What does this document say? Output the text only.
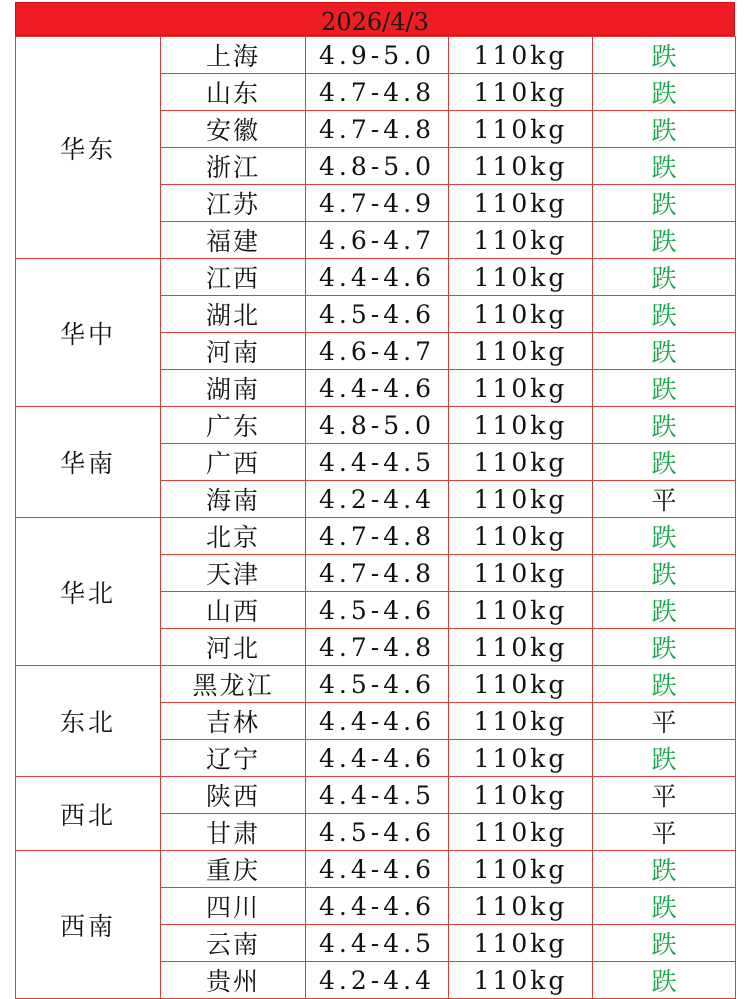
2026/4/3
华东	上海	4.9-5.0	110kg	跌
	山东	4.7-4.8	110kg	跌
	安徽	4.7-4.8	110kg	跌
	浙江	4.8-5.0	110kg	跌
	江苏	4.7-4.9	110kg	跌
	福建	4.6-4.7	110kg	跌
华中	江西	4.4-4.6	110kg	跌
	湖北	4.5-4.6	110kg	跌
	河南	4.6-4.7	110kg	跌
	湖南	4.4-4.6	110kg	跌
华南	广东	4.8-5.0	110kg	跌
	广西	4.4-4.5	110kg	跌
	海南	4.2-4.4	110kg	平
华北	北京	4.7-4.8	110kg	跌
	天津	4.7-4.8	110kg	跌
	山西	4.5-4.6	110kg	跌
	河北	4.7-4.8	110kg	跌
东北	黑龙江	4.5-4.6	110kg	跌
	吉林	4.4-4.6	110kg	平
	辽宁	4.4-4.6	110kg	跌
西北	陕西	4.4-4.5	110kg	平
	甘肃	4.5-4.6	110kg	平
西南	重庆	4.4-4.6	110kg	跌
	四川	4.4-4.6	110kg	跌
	云南	4.4-4.5	110kg	跌
	贵州	4.2-4.4	110kg	跌
